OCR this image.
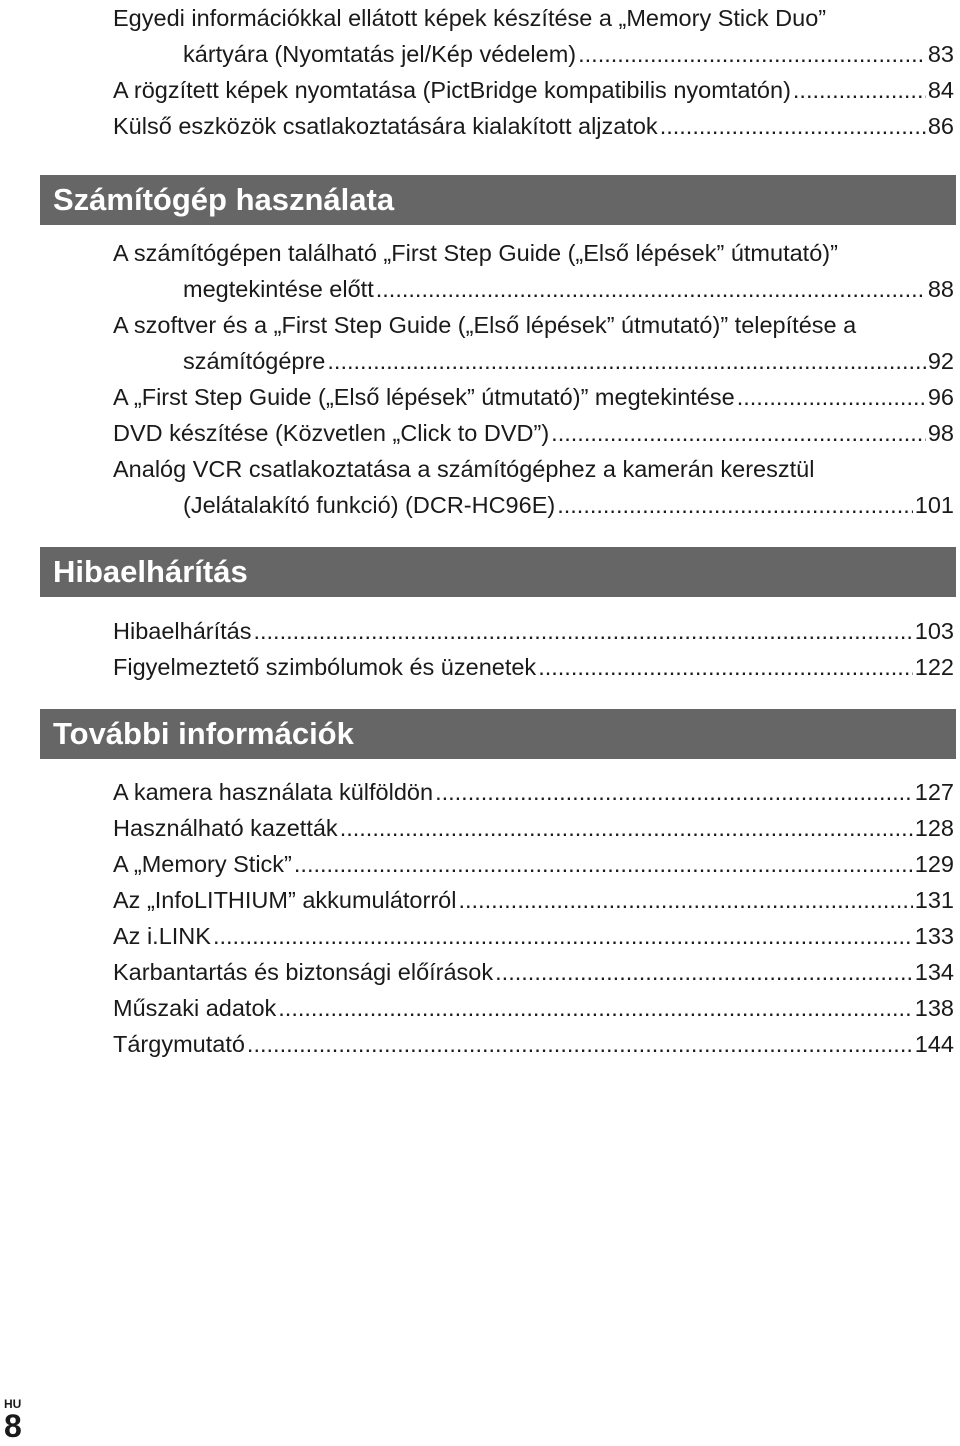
Egyedi információkkal ellátott képek készítése a „Memory Stick Duo”
kártyára (Nyomtatás jel/Kép védelem) .....	83
A rögzített képek nyomtatása (PictBridge kompatibilis nyomtatón) .....	84
Külső eszközök csatlakoztatására kialakított aljzatok .....	86
Számítógép használata
A számítógépen található „First Step Guide („Első lépések” útmutató)”
megtekintése előtt .....	88
A szoftver és a „First Step Guide („Első lépések” útmutató)” telepítése a
számítógépre .....	92
A „First Step Guide („Első lépések” útmutató)” megtekintése .....	96
DVD készítése (Közvetlen „Click to DVD”) .....	98
Analóg VCR csatlakoztatása a számítógéphez a kamerán keresztül
(Jelátalakító funkció) (DCR-HC96E) .....	101
Hibaelhárítás
Hibaelhárítás .....	103
Figyelmeztető szimbólumok és üzenetek .....	122
További információk
A kamera használata külföldön .....	127
Használható kazetták .....	128
A „Memory Stick” .....	129
Az „InfoLITHIUM” akkumulátorról .....	131
Az i.LINK .....	133
Karbantartás és biztonsági előírások .....	134
Műszaki adatok .....	138
Tárgymutató .....	144
HU
8
